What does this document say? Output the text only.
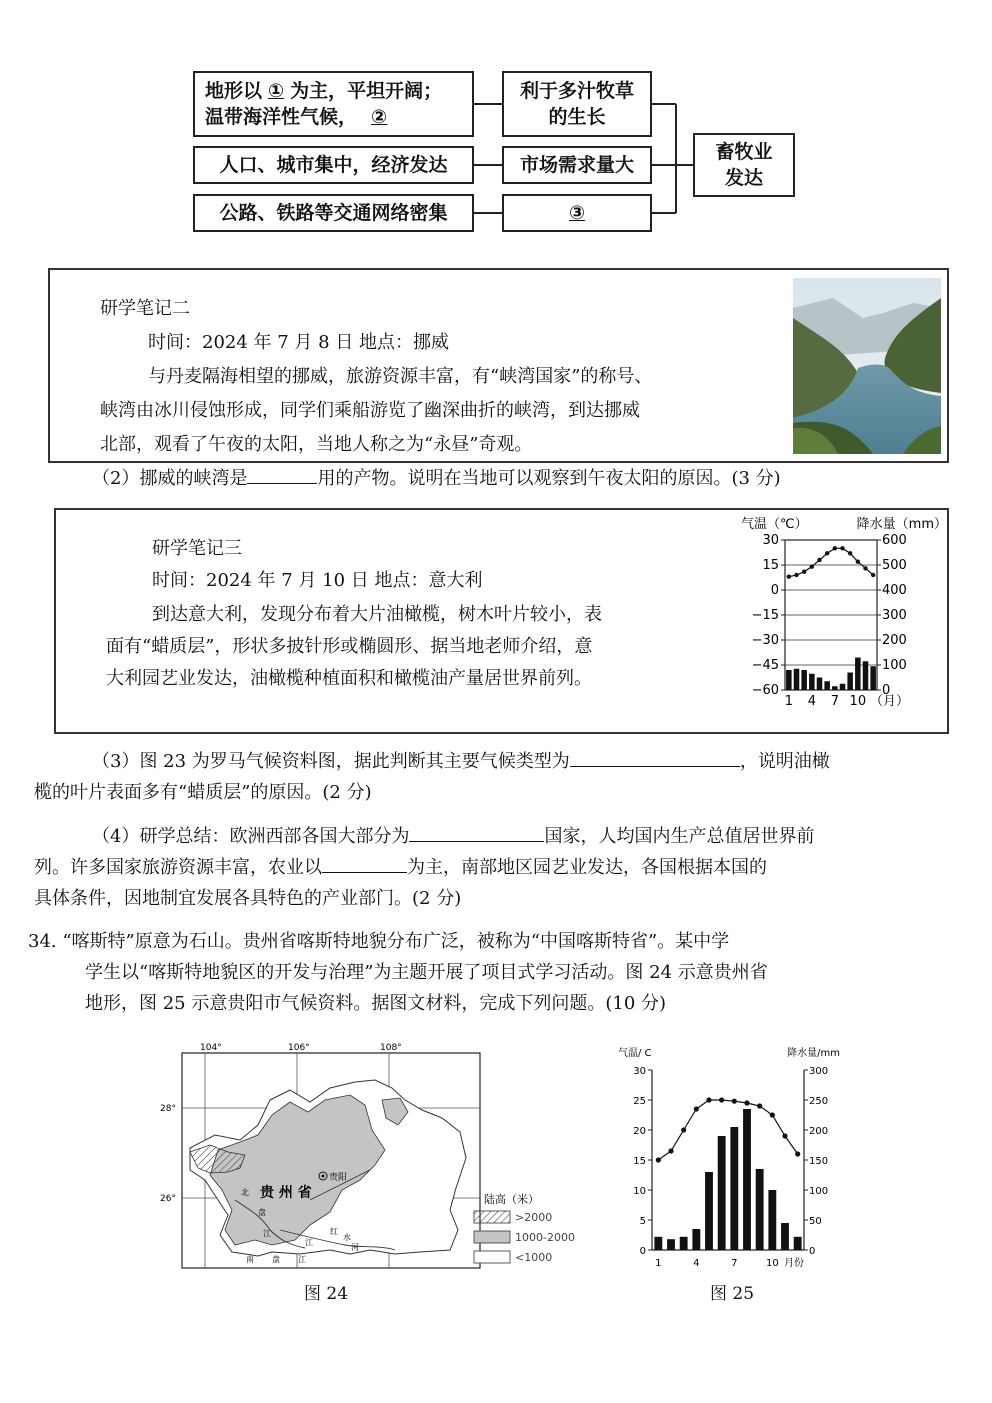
地形以 ① 为主，平坦开阔；
温带海洋性气候， ②
人口、城市集中，经济发达
公路、铁路等交通网络密集
利于多汁牧草
的生长
市场需求量大
③
畜牧业
发达
研学笔记二
时间：2024 年 7 月 8 日 地点：挪威
与丹麦隔海相望的挪威，旅游资源丰富，有“峡湾国家”的称号、
峡湾由冰川侵蚀形成，同学们乘船游览了幽深曲折的峡湾，到达挪威
北部，观看了午夜的太阳，当地人称之为“永昼”奇观。
（2）挪威的峡湾是	用的产物。说明在当地可以观察到午夜太阳的原因。(3 分)
研学笔记三
时间：2024 年 7 月 10 日 地点：意大利
到达意大利，发现分布着大片油橄榄，树木叶片较小，表
面有“蜡质层”，形状多披针形或椭圆形、据当地老师介绍，意
大利园艺业发达，油橄榄种植面积和橄榄油产量居世界前列。
气温（℃）	降水量（mm）
30	600
15	500
0	400
−15	300
−30	200
−45	100
−60	0
1 4 7 10 （月）

（3）图 23 为罗马气候资料图，据此判断其主要气候类型为	，说明油橄

榄的叶片表面多有“蜡质层”的原因。(2 分)

（4）研学总结：欧洲西部各国大部分为	国家，人均国内生产总值居世界前

列。许多国家旅游资源丰富，农业以	为主，南部地区园艺业发达，各国根据本国的

具体条件，因地制宜发展各具特色的产业部门。(2 分)

34. “喀斯特”原意为石山。贵州省喀斯特地貌分布广泛，被称为“中国喀斯特省”。某中学

学生以“喀斯特地貌区的开发与治理”为主题开展了项目式学习活动。图 24 示意贵州省

地形，图 25 示意贵阳市气候资料。据图文材料，完成下列问题。(10 分)

104°	106°	108°
28°
26°
贵阳
贵 州 省
北
盘
江
江
南 盘 江
红
水
河
陆高（米）
>2000
1000-2000
<1000
图 24
气温/ C	降水量/mm
0	0
5	50
10	100
15	150
20	200
25	250
30	300
1	4	7	10 月份
图 25
